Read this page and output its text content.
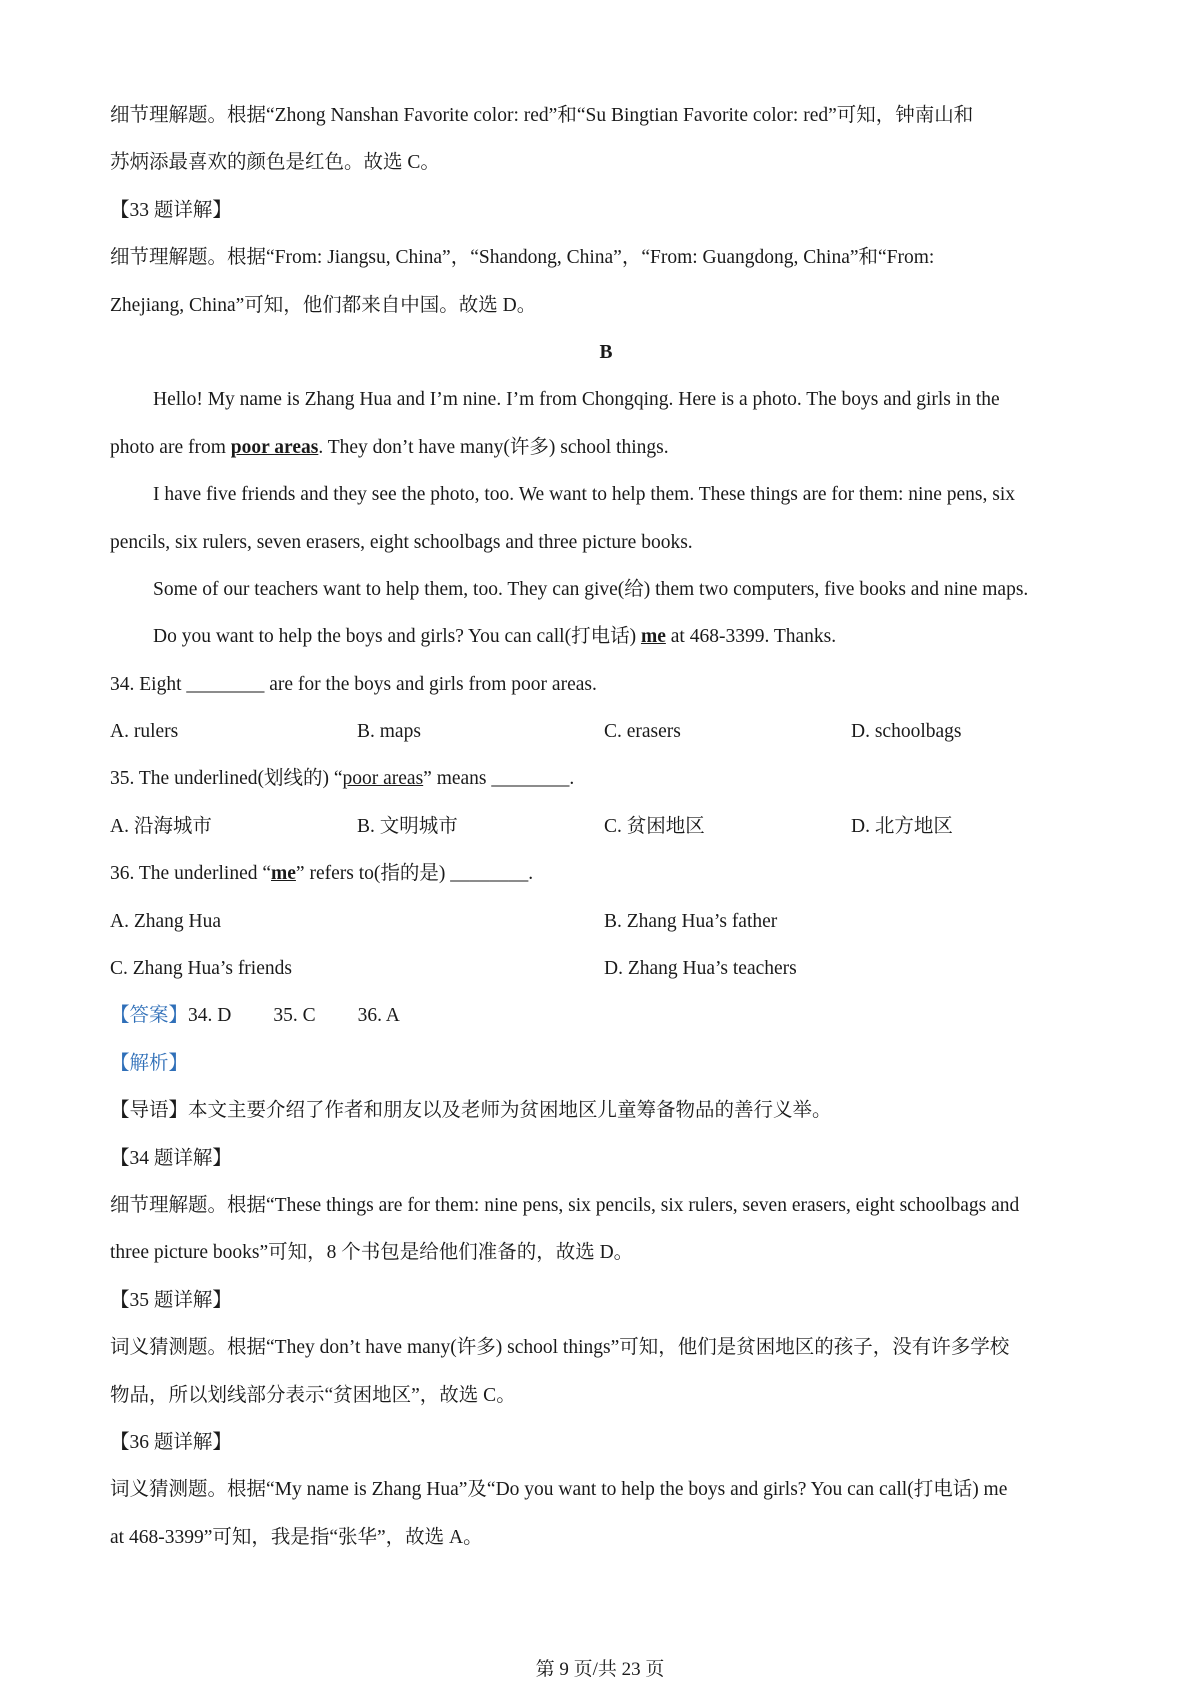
细节理解题。根据“Zhong Nanshan Favorite color: red”和“Su Bingtian Favorite color: red”可知，钟南山和
苏炳添最喜欢的颜色是红色。故选 C。
【33 题详解】
细节理解题。根据“From: Jiangsu, China”，“Shandong, China”，“From: Guangdong, China”和“From:
Zhejiang, China”可知，他们都来自中国。故选 D。
B
Hello! My name is Zhang Hua and I’m nine. I’m from Chongqing. Here is a photo. The boys and girls in the
photo are from poor areas. They don’t have many(许多) school things.
I have five friends and they see the photo, too. We want to help them. These things are for them: nine pens, six
pencils, six rulers, seven erasers, eight schoolbags and three picture books.
Some of our teachers want to help them, too. They can give(给) them two computers, five books and nine maps.
Do you want to help the boys and girls? You can call(打电话) me at 468-3399. Thanks.
34. Eight ________ are for the boys and girls from poor areas.
A. rulers	B. maps	C. erasers	D. schoolbags
35. The underlined(划线的) “poor areas” means ________.
A. 沿海城市	B. 文明城市	C. 贫困地区	D. 北方地区
36. The underlined “me” refers to(指的是) ________.
A. Zhang Hua	B. Zhang Hua’s father
C. Zhang Hua’s friends	D. Zhang Hua’s teachers
【答案】34. D 35. C 36. A
【解析】
【导语】本文主要介绍了作者和朋友以及老师为贫困地区儿童筹备物品的善行义举。
【34 题详解】
细节理解题。根据“These things are for them: nine pens, six pencils, six rulers, seven erasers, eight schoolbags and
three picture books”可知，8 个书包是给他们准备的，故选 D。
【35 题详解】
词义猜测题。根据“They don’t have many(许多) school things”可知，他们是贫困地区的孩子，没有许多学校
物品，所以划线部分表示“贫困地区”，故选 C。
【36 题详解】
词义猜测题。根据“My name is Zhang Hua”及“Do you want to help the boys and girls? You can call(打电话) me
at 468-3399”可知，我是指“张华”，故选 A。
第 9 页/共 23 页
